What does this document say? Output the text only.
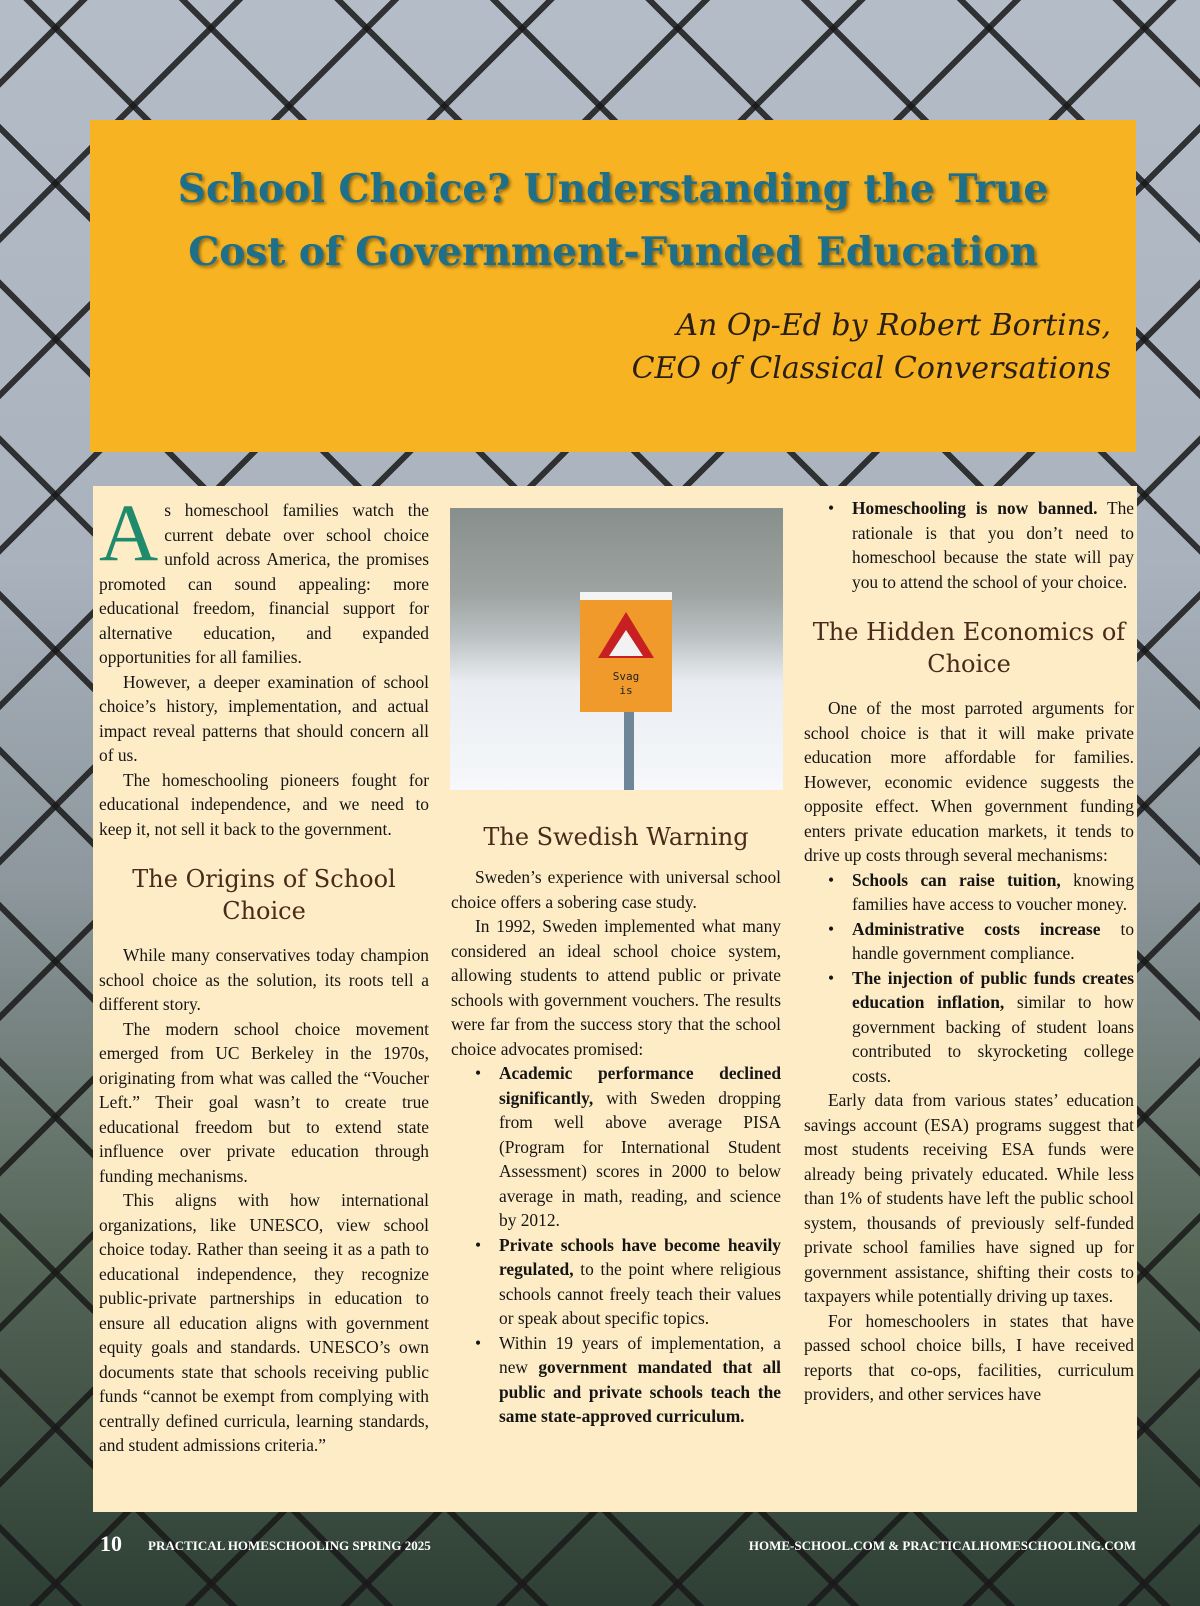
School Choice? Understanding the True
Cost of Government-Funded Education

An Op-Ed by Robert Bortins,
CEO of Classical Conversations

As homeschool families watch the current debate over school choice unfold across America, the promises promoted can sound appealing: more educational freedom, financial support for alternative education, and expanded opportunities for all families.

However, a deeper examination of school choice’s history, implementation, and actual impact reveal patterns that should concern all of us.

The homeschooling pioneers fought for educational independence, and we need to keep it, not sell it back to the government.

The Origins of School Choice

While many conservatives today champion school choice as the solution, its roots tell a different story.

The modern school choice movement emerged from UC Berkeley in the 1970s, originating from what was called the “Voucher Left.” Their goal wasn’t to create true educational freedom but to extend state influence over private education through funding mechanisms.

This aligns with how international organizations, like UNESCO, view school choice today. Rather than seeing it as a path to educational independence, they recognize public-private partnerships in education to ensure all education aligns with government equity goals and standards. UNESCO’s own documents state that schools receiving public funds “cannot be exempt from complying with centrally defined curricula, learning standards, and student admissions criteria.”

Svag
is
The Swedish Warning

Sweden’s experience with universal school choice offers a sobering case study.

In 1992, Sweden implemented what many considered an ideal school choice system, allowing students to attend public or private schools with government vouchers. The results were far from the success story that the school choice advocates promised:

• Academic performance declined significantly, with Sweden dropping from well above average PISA (Program for International Student Assessment) scores in 2000 to below average in math, reading, and science by 2012.
• Private schools have become heavily regulated, to the point where religious schools cannot freely teach their values or speak about specific topics.
• Within 19 years of implementation, a new government mandated that all public and private schools teach the same state-approved curriculum.
• Homeschooling is now banned. The rationale is that you don’t need to homeschool because the state will pay you to attend the school of your choice.
The Hidden Economics of Choice

One of the most parroted arguments for school choice is that it will make private education more affordable for families. However, economic evidence suggests the opposite effect. When government funding enters private education markets, it tends to drive up costs through several mechanisms:

• Schools can raise tuition, knowing families have access to voucher money.
• Administrative costs increase to handle government compliance.
• The injection of public funds creates education inflation, similar to how government backing of student loans contributed to skyrocketing college costs.

Early data from various states’ education savings account (ESA) programs suggest that most students receiving ESA funds were already being privately educated. While less than 1% of students have left the public school system, thousands of previously self-funded private school families have signed up for government assistance, shifting their costs to taxpayers while potentially driving up taxes.

For homeschoolers in states that have passed school choice bills, I have received reports that co-ops, facilities, curriculum providers, and other services have

10 PRACTICAL HOMESCHOOLING SPRING 2025	HOME-SCHOOL.COM & PRACTICALHOMESCHOOLING.COM
